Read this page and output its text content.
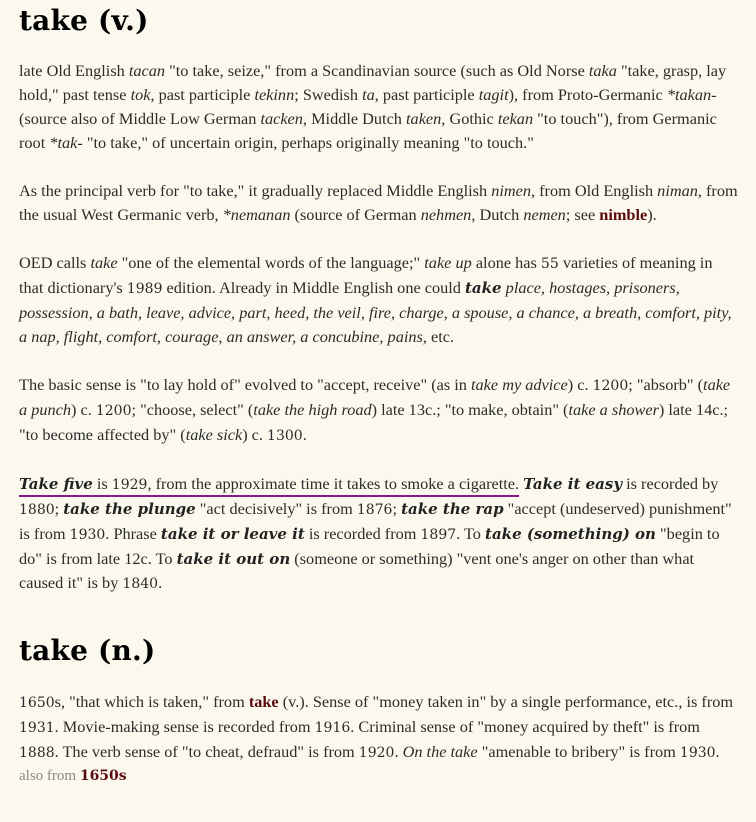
take (v.)

late Old English tacan "to take, seize," from a Scandinavian source (such as Old Norse taka "take, grasp, lay hold," past tense tok, past participle tekinn; Swedish ta, past participle tagit), from Proto-Germanic *takan- (source also of Middle Low German tacken, Middle Dutch taken, Gothic tekan "to touch"), from Germanic root *tak- "to take," of uncertain origin, perhaps originally meaning "to touch."

As the principal verb for "to take," it gradually replaced Middle English nimen, from Old English niman, from the usual West Germanic verb, *nemanan (source of German nehmen, Dutch nemen; see nimble).

OED calls take "one of the elemental words of the language;" take up alone has 55 varieties of meaning in that dictionary's 1989 edition. Already in Middle English one could take place, hostages, prisoners, possession, a bath, leave, advice, part, heed, the veil, fire, charge, a spouse, a chance, a breath, comfort, pity, a nap, flight, comfort, courage, an answer, a concubine, pains, etc.

The basic sense is "to lay hold of" evolved to "accept, receive" (as in take my advice) c. 1200; "absorb" (take a punch) c. 1200; "choose, select" (take the high road) late 13c.; "to make, obtain" (take a shower) late 14c.; "to become affected by" (take sick) c. 1300.

Take five is 1929, from the approximate time it takes to smoke a cigarette. Take it easy is recorded by 1880; take the plunge "act decisively" is from 1876; take the rap "accept (undeserved) punishment" is from 1930. Phrase take it or leave it is recorded from 1897. To take (something) on "begin to do" is from late 12c. To take it out on (someone or something) "vent one's anger on other than what caused it" is by 1840.

take (n.)

1650s, "that which is taken," from take (v.). Sense of "money taken in" by a single performance, etc., is from 1931. Movie-making sense is recorded from 1916. Criminal sense of "money acquired by theft" is from 1888. The verb sense of "to cheat, defraud" is from 1920. On the take "amenable to bribery" is from 1930.

also from 1650s
